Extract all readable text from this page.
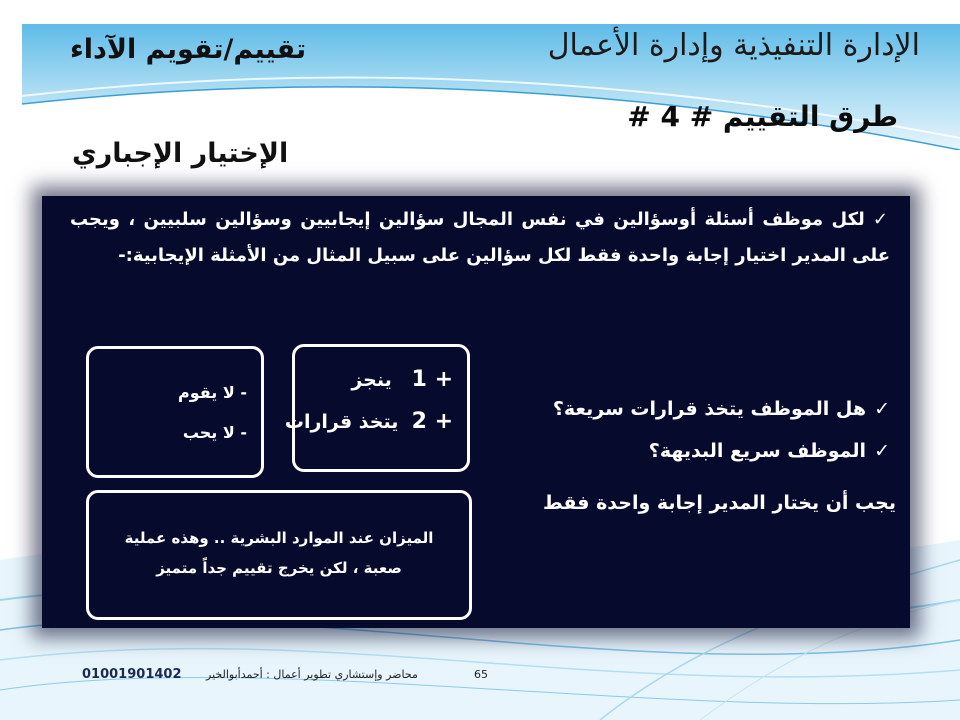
الإدارة التنفيذية وإدارة الأعمال
تقييم/تقويم الآداء
طرق التقييم # 4 #
الإختيار الإجباري
✓لكل موظف أسئلة أوسؤالين في نفس المجال سؤالين إيجابيين وسؤالين سلبيين ، ويجب على المدير اختيار إجابة واحدة فقط لكل سؤالين على سبيل المثال من الأمثلة الإيجابية:-
✓هل الموظف يتخذ قرارات سريعة؟
✓الموظف سريع البديهة؟
يجب أن يختار المدير إجابة واحدة فقط
+ 1   ينجز
+ 2  يتخذ قرارات
- لا يقوم
- لا يحب
الميزان عند الموارد البشرية .. وهذه عملية صعبة ، لكن يخرج تقييم جداً متميز
01001901402 محاضر وإستشاري تطوير أعمال : أحمدأبوالخير	65
